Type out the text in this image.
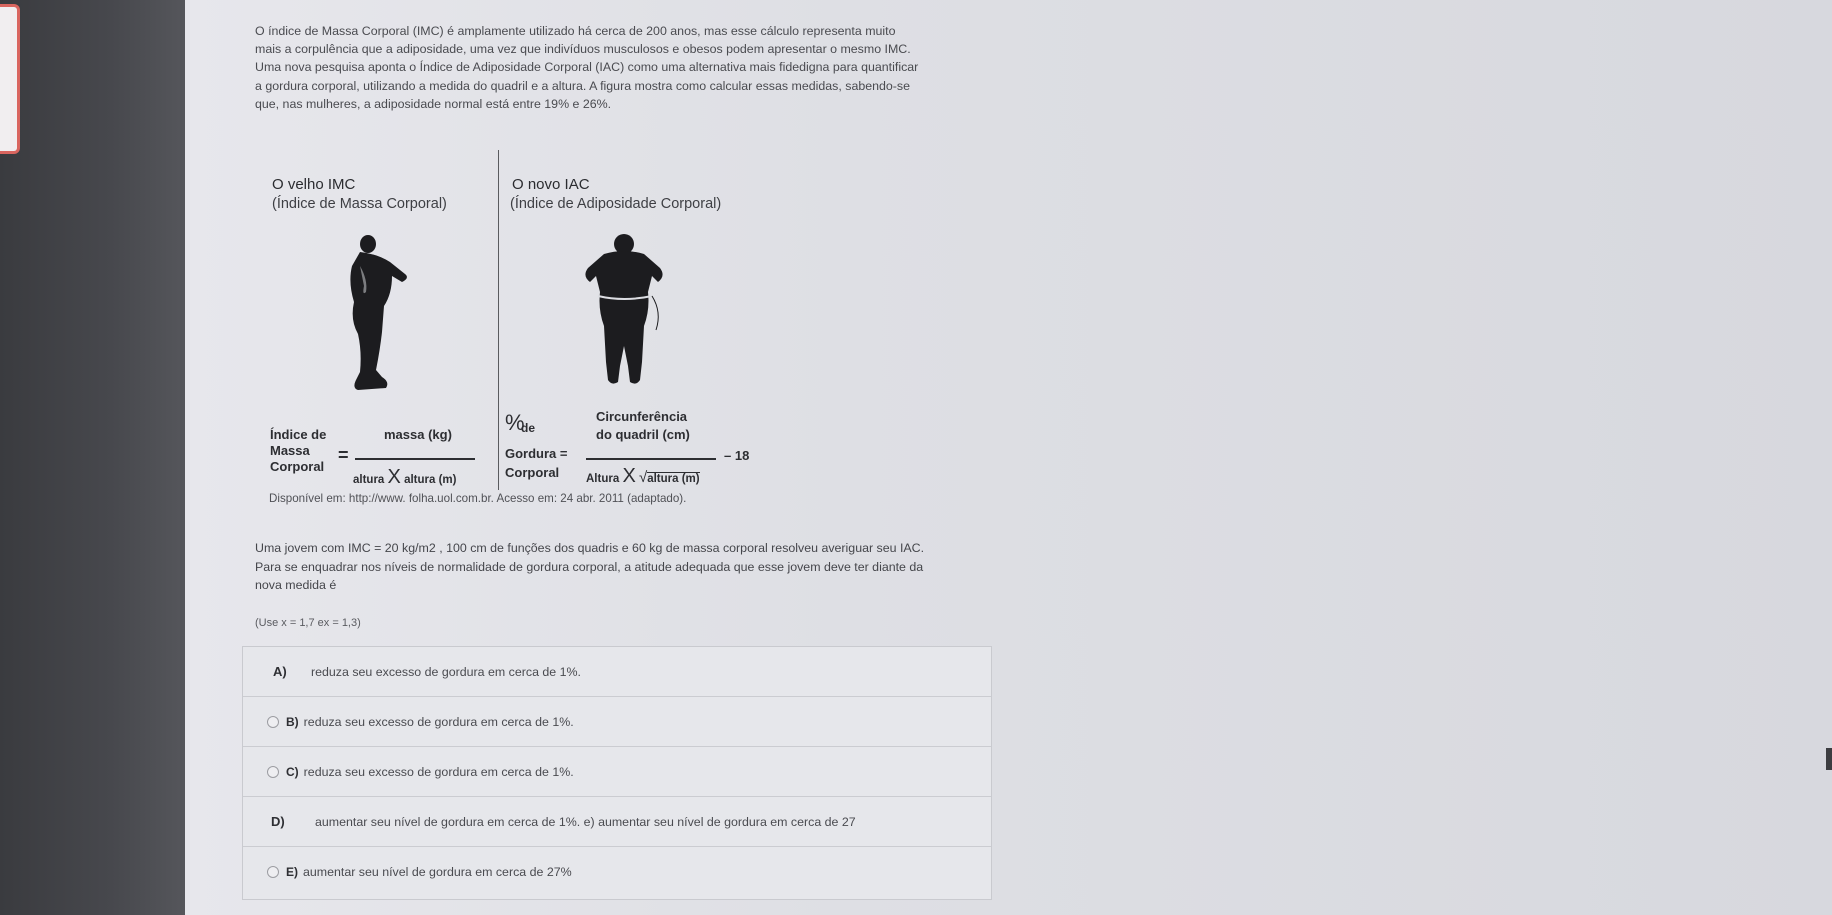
O índice de Massa Corporal (IMC) é amplamente utilizado há cerca de 200 anos, mas esse cálculo representa muito

mais a corpulência que a adiposidade, uma vez que indivíduos musculosos e obesos podem apresentar o mesmo IMC.

Uma nova pesquisa aponta o Índice de Adiposidade Corporal (IAC) como uma alternativa mais fidedigna para quantificar

a gordura corporal, utilizando a medida do quadril e a altura. A figura mostra como calcular essas medidas, sabendo-se

que, nas mulheres, a adiposidade normal está entre 19% e 26%.

O velho IMC
(Índice de Massa Corporal)
O novo IAC
(Índice de Adiposidade Corporal)
Índice de
Massa
Corporal
=
massa (kg)
altura X altura (m)
%
de
Gordura =
Corporal
Circunferência
do quadril (cm)
– 18
Altura X √altura (m)
Disponível em: http://www. folha.uol.com.br. Acesso em: 24 abr. 2011 (adaptado).

Uma jovem com IMC = 20 kg/m2 , 100 cm de funções dos quadris e 60 kg de massa corporal resolveu averiguar seu IAC.

Para se enquadrar nos níveis de normalidade de gordura corporal, a atitude adequada que esse jovem deve ter diante da

nova medida é

(Use x = 1,7 ex = 1,3)
A)	reduza seu excesso de gordura em cerca de 1%.
B) reduza seu excesso de gordura em cerca de 1%.
C) reduza seu excesso de gordura em cerca de 1%.
D)	aumentar seu nível de gordura em cerca de 1%. e) aumentar seu nível de gordura em cerca de 27
E) aumentar seu nível de gordura em cerca de 27%
